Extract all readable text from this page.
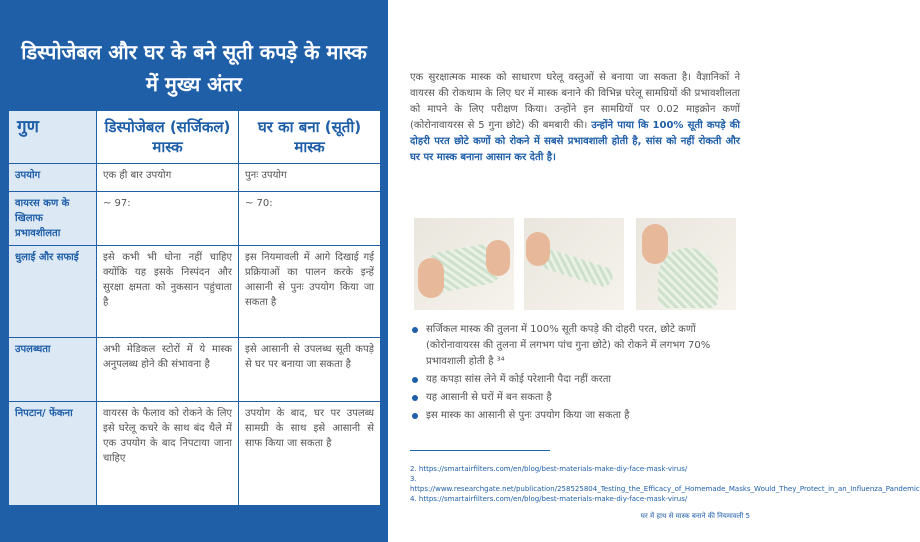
डिस्पोजेबल और घर के बने सूती कपड़े के मास्क में मुख्य अंतर
गुण	डिस्पोजेबल (सर्जिकल) मास्क	घर का बना (सूती) मास्क
उपयोग	एक ही बार उपयोग	पुनः उपयोग
वायरस कण के खिलाफ प्रभावशीलता	~ 97:	~ 70:
धुलाई और सफाई	इसे कभी भी धोना नहीं चाहिए क्योंकि यह इसके निस्पंदन और सुरक्षा क्षमता को नुकसान पहुंचाता है	इस नियमावली में आगे दिखाई गई प्रक्रियाओं का पालन करके इन्हें आसानी से पुनः उपयोग किया जा सकता है
उपलब्धता	अभी मेडिकल स्टोरों में ये मास्क अनुपलब्ध होने की संभावना है	इसे आसानी से उपलब्ध सूती कपड़े से घर पर बनाया जा सकता है
निपटान/ फेंकना	वायरस के फैलाव को रोकने के लिए इसे घरेलू कचरे के साथ बंद थैले में एक उपयोग के बाद निपटाया जाना चाहिए	उपयोग के बाद, घर पर उपलब्ध सामग्री के साथ इसे आसानी से साफ किया जा सकता है
एक सुरक्षात्मक मास्क को साधारण घरेलू वस्तुओं से बनाया जा सकता है। वैज्ञानिकों ने वायरस की रोकथाम के लिए घर में मास्क बनाने की विभिन्न घरेलू सामग्रियों की प्रभावशीलता को मापने के लिए परीक्षण किया। उन्होंने इन सामग्रियों पर 0.02 माइक्रोन कणों (कोरोनावायरस से 5 गुना छोटे) की बमबारी की। उन्होंने पाया कि 100% सूती कपड़े की दोहरी परत छोटे कणों को रोकने में सबसे प्रभावशाली होती है, सांस को नहीं रोकती और घर पर मास्क बनाना आसान कर देती है।
सर्जिकल मास्क की तुलना में 100% सूती कपड़े की दोहरी परत, छोटे कणों (कोरोनावायरस की तुलना में लगभग पांच गुना छोटे) को रोकने में लगभग 70% प्रभावशाली होती है ³⁴
यह कपड़ा सांस लेने में कोई परेशानी पैदा नहीं करता
यह आसानी से घरों में बन सकता है
इस मास्क का आसानी से पुनः उपयोग किया जा सकता है
2. https://smartairfilters.com/en/blog/best-materials-make-diy-face-mask-virus/
3. https://www.researchgate.net/publication/258525804_Testing_the_Efficacy_of_Homemade_Masks_Would_They_Protect_in_an_Influenza_Pandemic
4. https://smartairfilters.com/en/blog/best-materials-make-diy-face-mask-virus/
घर में हाथ से मास्क बनाने की नियमावली 5
